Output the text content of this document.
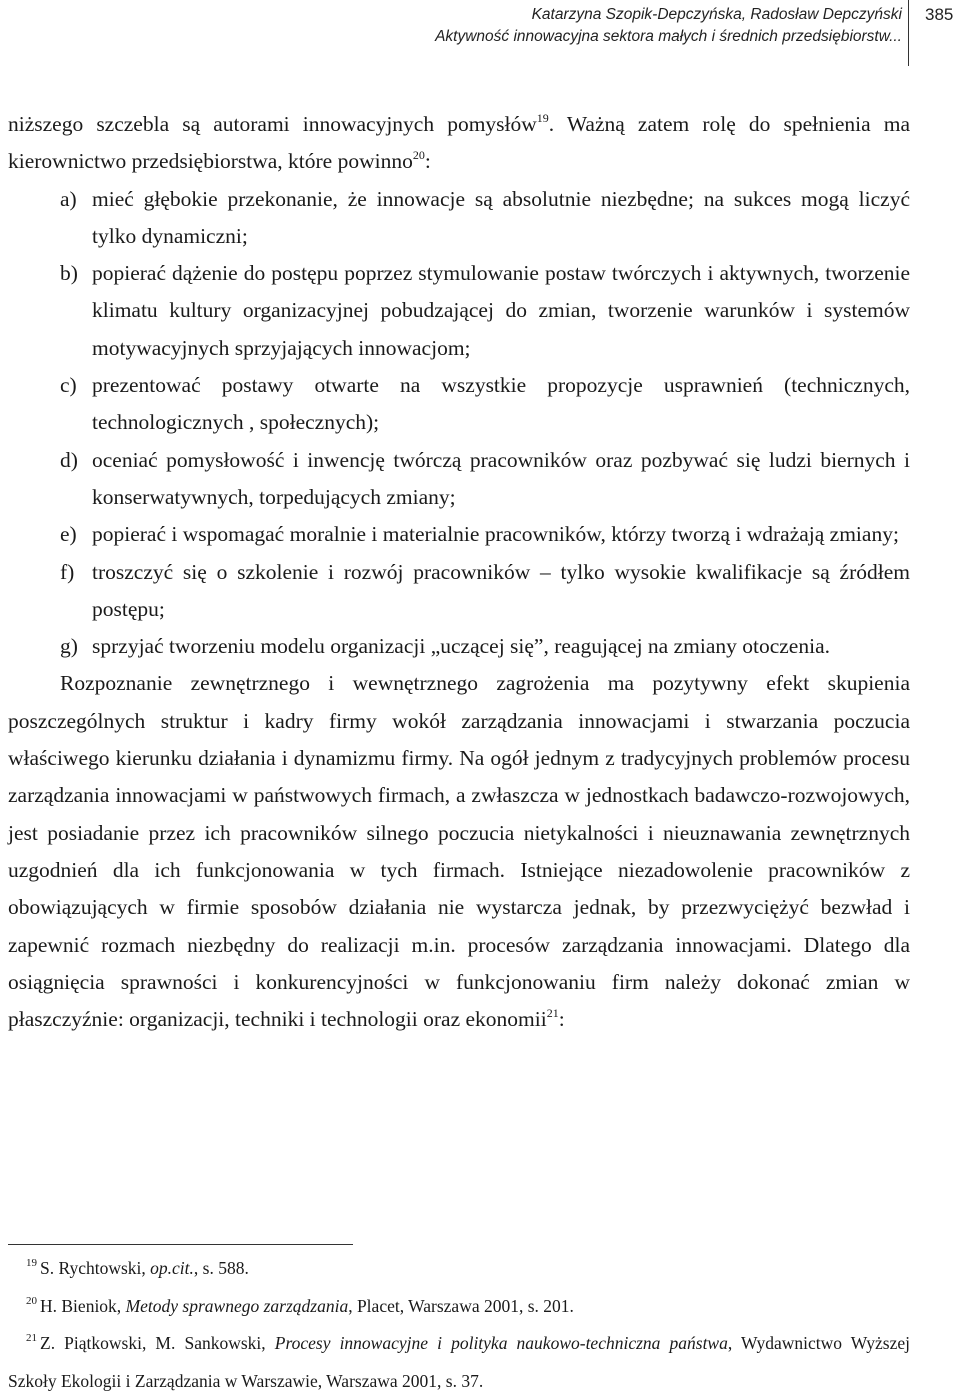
Katarzyna Szopik-Depczyńska, Radosław Depczyński
Aktywność innowacyjna sektora małych i średnich przedsiębiorstw...
385

niższego szczebla są autorami innowacyjnych pomysłów$^{19}$. Ważną zatem rolę do spełnienia ma kierownictwo przedsiębiorstwa, które powinno$^{20}$:

a) mieć głębokie przekonanie, że innowacje są absolutnie niezbędne; na sukces mogą liczyć tylko dynamiczni;
b) popierać dążenie do postępu poprzez stymulowanie postaw twórczych i aktywnych, tworzenie klimatu kultury organizacyjnej pobudzającej do zmian, tworzenie warunków i systemów motywacyjnych sprzyjających innowacjom;
c) prezentować postawy otwarte na wszystkie propozycje usprawnień (technicznych, technologicznych , społecznych);
d) oceniać pomysłowość i inwencję twórczą pracowników oraz pozbywać się ludzi biernych i konserwatywnych, torpedujących zmiany;
e) popierać i wspomagać moralnie i materialnie pracowników, którzy tworzą i wdrażają zmiany;
f) troszczyć się o szkolenie i rozwój pracowników – tylko wysokie kwalifikacje są źródłem postępu;
g) sprzyjać tworzeniu modelu organizacji „uczącej się”, reagującej na zmiany otoczenia.

Rozpoznanie zewnętrznego i wewnętrznego zagrożenia ma pozytywny efekt skupienia poszczególnych struktur i kadry firmy wokół zarządzania innowacjami i stwarzania poczucia właściwego kierunku działania i dynamizmu firmy. Na ogół jednym z tradycyjnych problemów procesu zarządzania innowacjami w państwowych firmach, a zwłaszcza w jednostkach badawczo-rozwojowych, jest posiadanie przez ich pracowników silnego poczucia nietykalności i nieuznawania zewnętrznych uzgodnień dla ich funkcjonowania w tych firmach. Istniejące niezadowolenie pracowników z obowiązujących w firmie sposobów działania nie wystarcza jednak, by przezwyciężyć bezwład i zapewnić rozmach niezbędny do realizacji m.in. procesów zarządzania innowacjami. Dlatego dla osiągnięcia sprawności i konkurencyjności w funkcjonowaniu firm należy dokonać zmian w płaszczyźnie: organizacji, techniki i technologii oraz ekonomii$^{21}$:

$^{19}$ S. Rychtowski, op.cit., s. 588.

$^{20}$ H. Bieniok, Metody sprawnego zarządzania, Placet, Warszawa 2001, s. 201.

$^{21}$ Z. Piątkowski, M. Sankowski, Procesy innowacyjne i polityka naukowo-techniczna państwa, Wydawnictwo Wyższej Szkoły Ekologii i Zarządzania w Warszawie, Warszawa 2001, s. 37.
